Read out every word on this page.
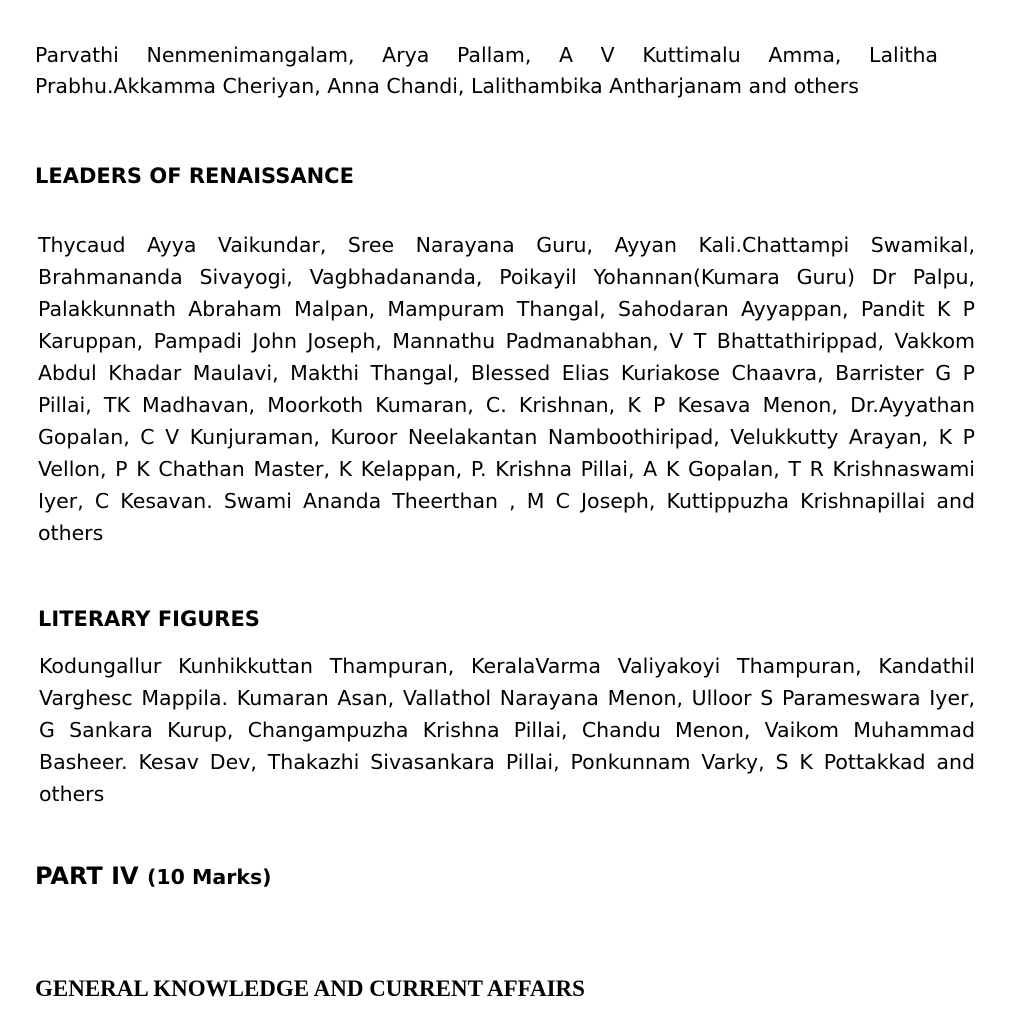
Parvathi Nenmenimangalam, Arya Pallam, A V Kuttimalu Amma, Lalitha Prabhu.Akkamma Cheriyan, Anna Chandi, Lalithambika Antharjanam and others

LEADERS OF RENAISSANCE

Thycaud Ayya Vaikundar, Sree Narayana Guru, Ayyan Kali.Chattampi Swamikal, Brahmananda Sivayogi, Vagbhadananda, Poikayil Yohannan(Kumara Guru) Dr Palpu, Palakkunnath Abraham Malpan, Mampuram Thangal, Sahodaran Ayyappan, Pandit K P Karuppan, Pampadi John Joseph, Mannathu Padmanabhan, V T Bhattathirippad, Vakkom Abdul Khadar Maulavi, Makthi Thangal, Blessed Elias Kuriakose Chaavra, Barrister G P Pillai, TK Madhavan, Moorkoth Kumaran, C. Krishnan, K P Kesava Menon, Dr.Ayyathan Gopalan, C V Kunjuraman, Kuroor Neelakantan Namboothiripad, Velukkutty Arayan, K P Vellon, P K Chathan Master, K Kelappan, P. Krishna Pillai, A K Gopalan, T R Krishnaswami Iyer, C Kesavan. Swami Ananda Theerthan , M C Joseph, Kuttippuzha Krishnapillai and others

LITERARY FIGURES

Kodungallur Kunhikkuttan Thampuran, KeralaVarma Valiyakoyi Thampuran, Kandathil Varghesc Mappila. Kumaran Asan, Vallathol Narayana Menon, Ulloor S Parameswara Iyer, G Sankara Kurup, Changampuzha Krishna Pillai, Chandu Menon, Vaikom Muhammad Basheer. Kesav Dev, Thakazhi Sivasankara Pillai, Ponkunnam Varky, S K Pottakkad and others

PART IV (10 Marks)
GENERAL KNOWLEDGE AND CURRENT AFFAIRS
